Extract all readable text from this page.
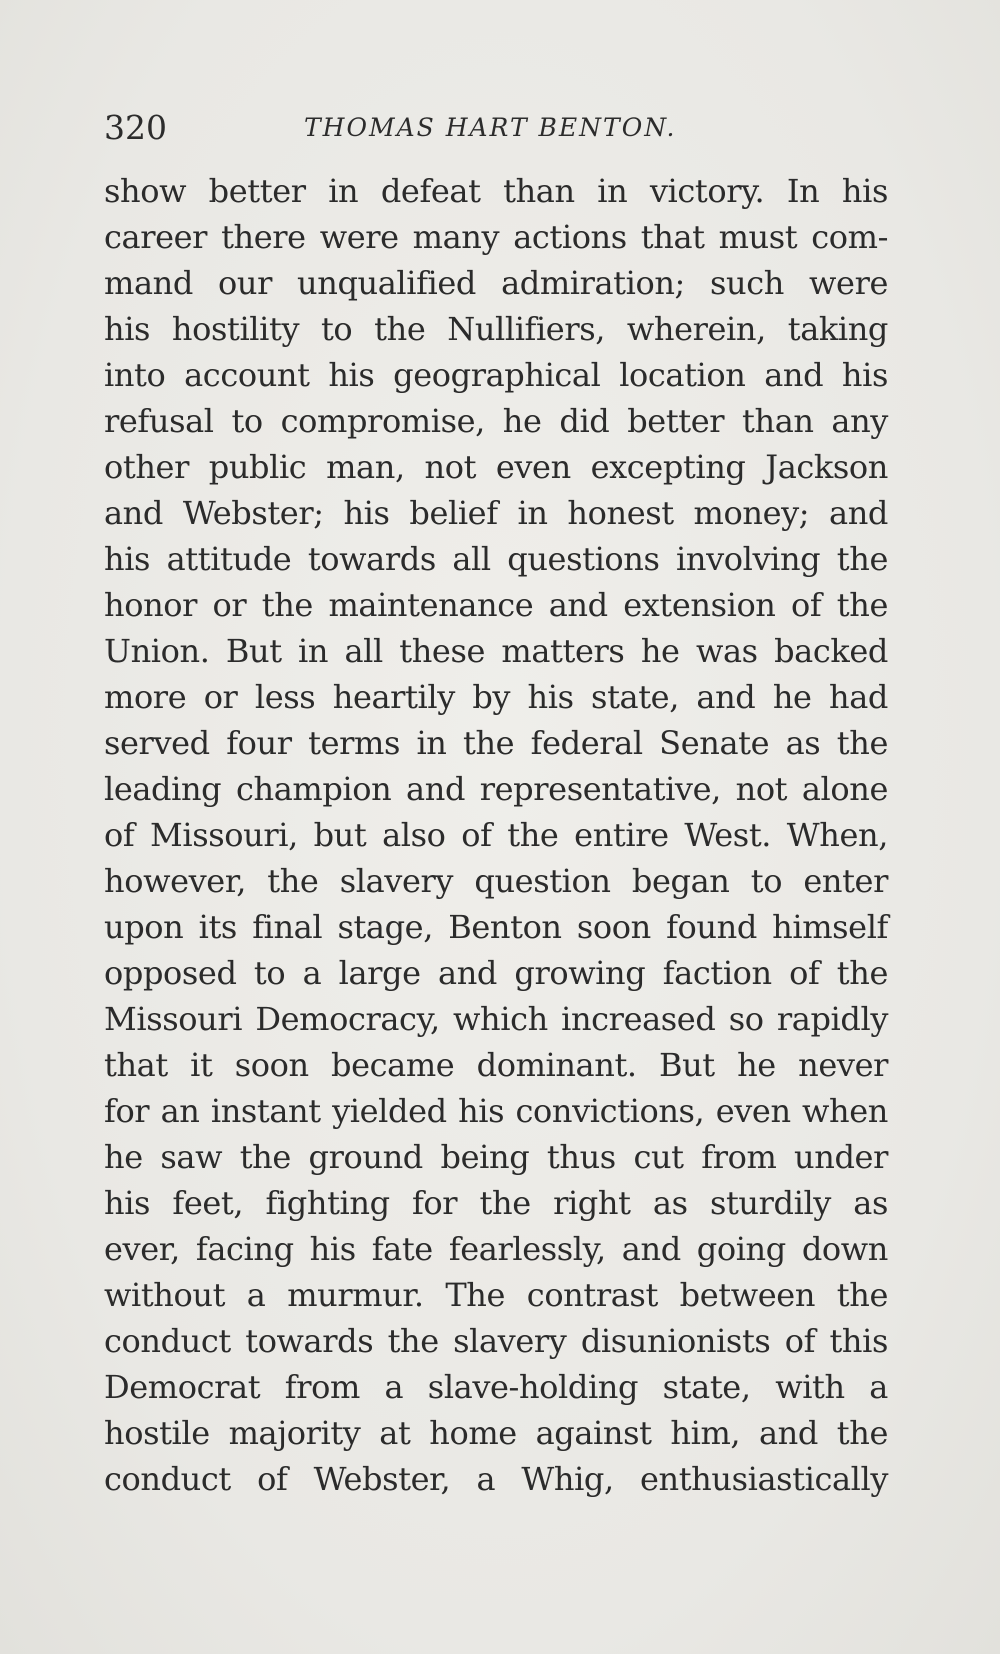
320	THOMAS HART BENTON.
show better in defeat than in victory. In his
career there were many actions that must com-
mand our unqualified admiration; such were
his hostility to the Nullifiers, wherein, taking
into account his geographical location and his
refusal to compromise, he did better than any
other public man, not even excepting Jackson
and Webster; his belief in honest money; and
his attitude towards all questions involving the
honor or the maintenance and extension of the
Union. But in all these matters he was backed
more or less heartily by his state, and he had
served four terms in the federal Senate as the
leading champion and representative, not alone
of Missouri, but also of the entire West. When,
however, the slavery question began to enter
upon its final stage, Benton soon found himself
opposed to a large and growing faction of the
Missouri Democracy, which increased so rapidly
that it soon became dominant. But he never
for an instant yielded his convictions, even when
he saw the ground being thus cut from under
his feet, fighting for the right as sturdily as
ever, facing his fate fearlessly, and going down
without a murmur. The contrast between the
conduct towards the slavery disunionists of this
Democrat from a slave-holding state, with a
hostile majority at home against him, and the
conduct of Webster, a Whig, enthusiastically
